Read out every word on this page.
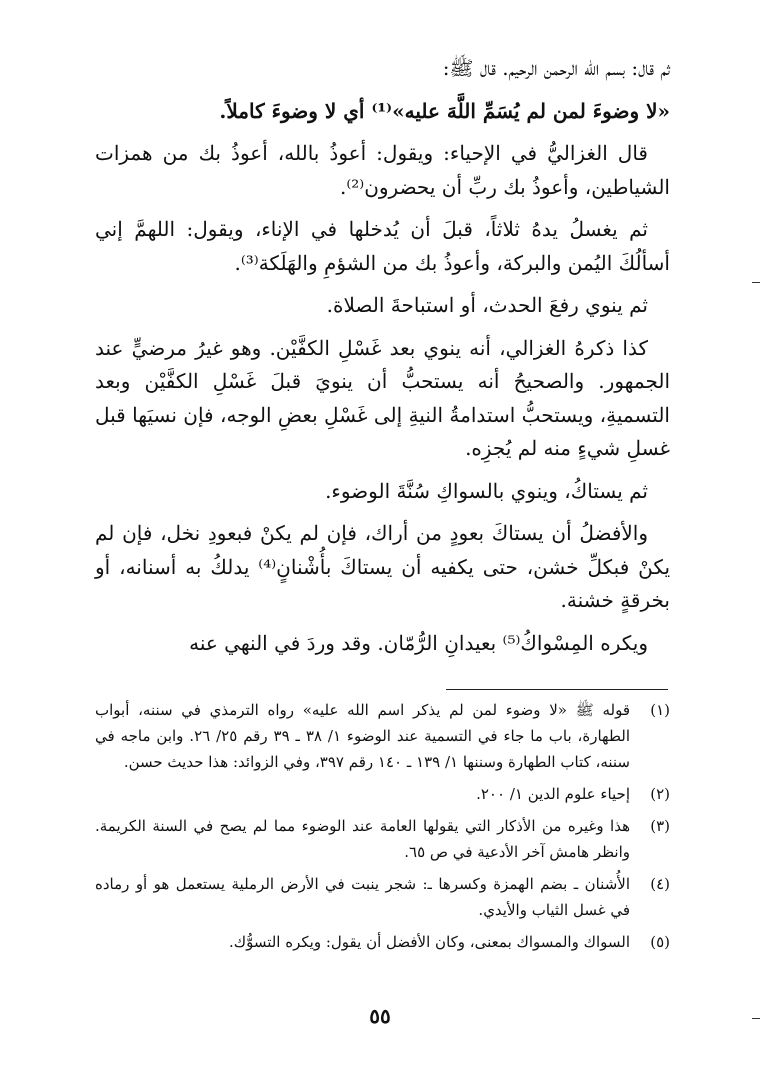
ثم قال: بسم الله الرحمن الرحيم. قال ﷺ:

«لا وضوءَ لمن لم يُسَمِّ اللَّهَ عليه»⁽¹⁾ أي لا وضوءَ كاملاً.

قال الغزاليُّ في الإحياء: ويقول: أعوذُ بالله، أعوذُ بك من همزات الشياطين، وأعوذُ بك ربِّ أن يحضرون⁽²⁾.

ثم يغسلُ يدهُ ثلاثاً، قبلَ أن يُدخلها في الإناء، ويقول: اللهمَّ إني أسألُكَ اليُمن والبركة، وأعوذُ بك من الشؤمِ والهَلَكة⁽³⁾.

ثم ينوي رفعَ الحدث، أو استباحةَ الصلاة.

كذا ذكرهُ الغزالي، أنه ينوي بعد غَسْلِ الكفَّيْن. وهو غيرُ مرضيٍّ عند الجمهور. والصحيحُ أنه يستحبُّ أن ينويَ قبلَ غَسْلِ الكفَّيْن وبعد التسميةِ، ويستحبُّ استدامةُ النيةِ إلى غَسْلِ بعضِ الوجه، فإن نسيَها قبل غسلِ شيءٍ منه لم يُجزِه.

ثم يستاكُ، وينوي بالسواكِ سُنَّةَ الوضوء.

والأفضلُ أن يستاكَ بعودٍ من أراك، فإن لم يكنْ فبعودِ نخل، فإن لم يكنْ فبكلِّ خشن، حتى يكفيه أن يستاكَ بأُشْنانٍ⁽⁴⁾ يدلكُ به أسنانه، أو بخرقةٍ خشنة.

ويكره المِسْواكُ⁽⁵⁾ بعيدانِ الرُّمّان. وقد وردَ في النهي عنه

(١)
قوله ﷺ «لا وضوء لمن لم يذكر اسم الله عليه» رواه الترمذي في سننه، أبواب الطهارة، باب ما جاء في التسمية عند الوضوء ١/ ٣٨ ـ ٣٩ رقم ٢٥/ ٢٦. وابن ماجه في سننه، كتاب الطهارة وسننها ١/ ١٣٩ ـ ١٤٠ رقم ٣٩٧، وفي الزوائد: هذا حديث حسن.
(٢)
إحياء علوم الدين ١/ ٢٠٠.
(٣)
هذا وغيره من الأذكار التي يقولها العامة عند الوضوء مما لم يصح في السنة الكريمة. وانظر هامش آخر الأدعية في ص ٦٥.
(٤)
الأُشنان ـ بضم الهمزة وكسرها ـ: شجر ينبت في الأرض الرملية يستعمل هو أو رماده في غسل الثياب والأيدي.
(٥)
السواك والمسواك بمعنى، وكان الأفضل أن يقول: ويكره التسوُّك.
٥٥
